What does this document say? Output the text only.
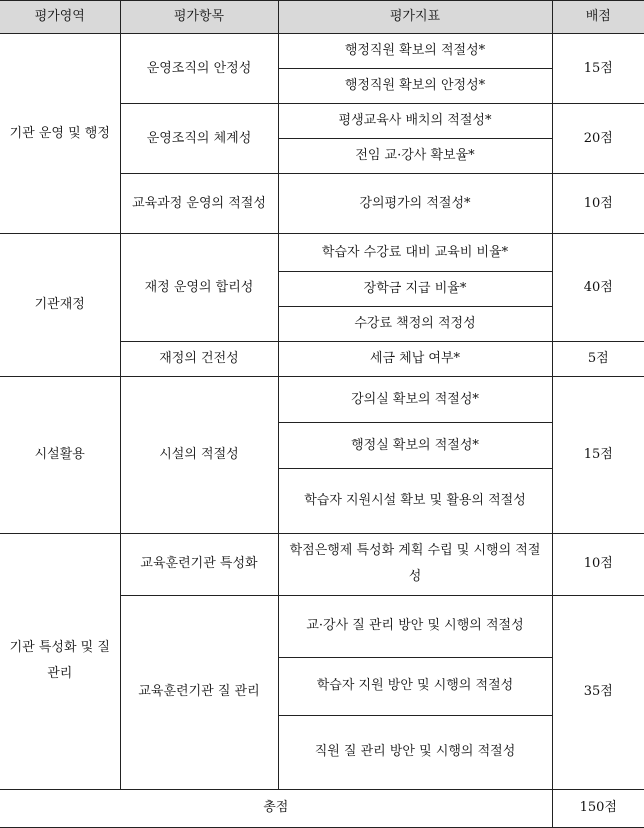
평가영역	평가항목	평가지표	배점
기관 운영 및 행정	운영조직의 안정성	행정직원 확보의 적절성*	15점
		행정직원 확보의 안정성*	
	운영조직의 체계성	평생교육사 배치의 적절성*	20점
		전임 교·강사 확보율*	
	교육과정 운영의 적절성	강의평가의 적절성*	10점
기관재정	재정 운영의 합리성	학습자 수강료 대비 교육비 비율*	40점
		장학금 지급 비율*	
		수강료 책정의 적정성	
	재정의 건전성	세금 체납 여부*	5점
시설활용	시설의 적절성	강의실 확보의 적절성*	15점
		행정실 확보의 적절성*	
		학습자 지원시설 확보 및 활용의 적절성	
기관 특성화 및 질 관리	교육훈련기관 특성화	학점은행제 특성화 계획 수립 및 시행의 적절성	10점
	교육훈련기관 질 관리	교·강사 질 관리 방안 및 시행의 적절성	35점
		학습자 지원 방안 및 시행의 적절성	
		직원 질 관리 방안 및 시행의 적절성	
총점			150점
